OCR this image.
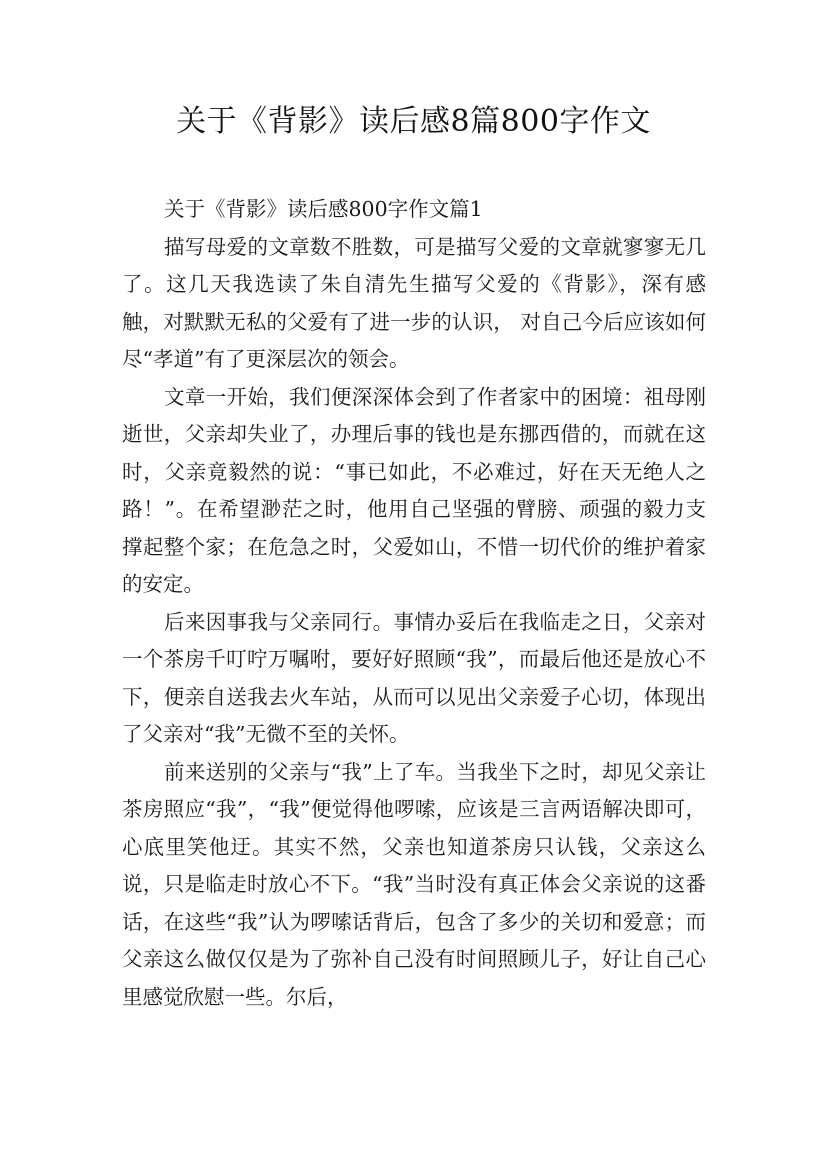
关于《背影》读后感8篇800字作文
关于《背影》读后感800字作文篇1

描写母爱的文章数不胜数，可是描写父爱的文章就寥寥无几了。这几天我选读了朱自清先生描写父爱的《背影》，深有感触，对默默无私的父爱有了进一步的认识， 对自己今后应该如何尽“孝道”有了更深层次的领会。

文章一开始，我们便深深体会到了作者家中的困境：祖母刚逝世，父亲却失业了，办理后事的钱也是东挪西借的，而就在这时，父亲竟毅然的说：“事已如此，不必难过，好在天无绝人之路！”。在希望渺茫之时，他用自己坚强的臂膀、顽强的毅力支撑起整个家；在危急之时，父爱如山，不惜一切代价的维护着家的安定。

后来因事我与父亲同行。事情办妥后在我临走之日，父亲对一个茶房千叮咛万嘱咐，要好好照顾“我”，而最后他还是放心不下，便亲自送我去火车站，从而可以见出父亲爱子心切，体现出了父亲对“我”无微不至的关怀。

前来送别的父亲与“我”上了车。当我坐下之时，却见父亲让茶房照应“我”，“我”便觉得他啰嗦，应该是三言两语解决即可，心底里笑他迂。其实不然，父亲也知道茶房只认钱，父亲这么说，只是临走时放心不下。“我”当时没有真正体会父亲说的这番话，在这些“我”认为啰嗦话背后，包含了多少的关切和爱意；而父亲这么做仅仅是为了弥补自己没有时间照顾儿子，好让自己心里感觉欣慰一些。尔后，
